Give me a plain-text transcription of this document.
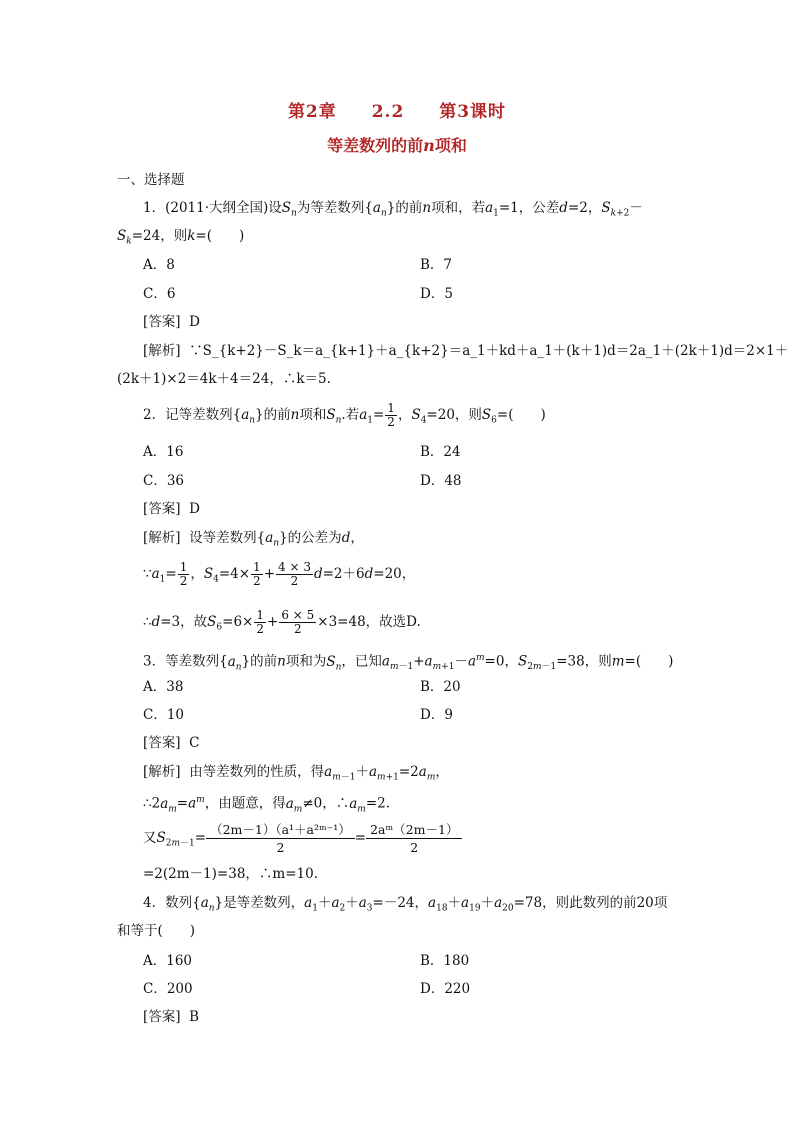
第2章 2.2 第3课时
等差数列的前n项和
一、选择题
1．(2011·大纲全国)设$S_n$为等差数列$\{a_n\}$的前n项和，若$a_1=1$，公差d=2，$S_{k+2}-$
$S_k=24$，则k=(　　)
A．8	B．7
C．6	D．5
[答案] D
[解析] ∵S_{k+2}－S_k＝a_{k+1}＋a_{k+2}＝a_1＋kd＋a_1＋(k＋1)d＝2a_1＋(2k＋1)d＝2×1＋
(2k＋1)×2＝4k＋4＝24，∴k＝5.
2．记等差数列$\{a_n\}$的前n项和$S_n$.若$a_1= \frac{1}{2}$ ，$S_4=20$，则$S_6=$(　　)
A．16	B．24
C．36	D．48
[答案] D
[解析] 设等差数列$\{a_n\}$的公差为d，
$\because a_1= \frac{1}{2}$ ，$S_4=4\times \frac{1}{2} + \frac{4 \times 3}{2} d=2+6d=20$，
∴d=3，故$S_6=6\times \frac{1}{2} + \frac{6 \times 5}{2} \times 3=48$，故选D.
3．等差数列$\{a_n\}$的前n项和为$S_n$，已知$a_{m-1}+a_{m+1}-a^m=0$，$S_{2m-1}=38$，则m=(　　)
A．38	B．20
C．10	D．9
[答案] C
[解析] 由等差数列的性质，得$a_{m-1}+a_{m+1}=2a_m$，
$\therefore 2a_m=a^m$，由题意，得$a_m\ne 0$，$\therefore a_m=2$.
又$S_{2m-1}= \frac{\text{（2m－1）（a¹＋a²ᵐ⁻¹）}}{2} = \frac{\text{2aᵐ（2m－1）}}{2}$
=2(2m－1)=38，∴m=10.
4．数列$\{a_n\}$是等差数列，$a_1+a_2+a_3=-24$，$a_{18}+a_{19}+a_{20}=78$，则此数列的前20项
和等于(　　)
A．160	B．180
C．200	D．220
[答案] B
